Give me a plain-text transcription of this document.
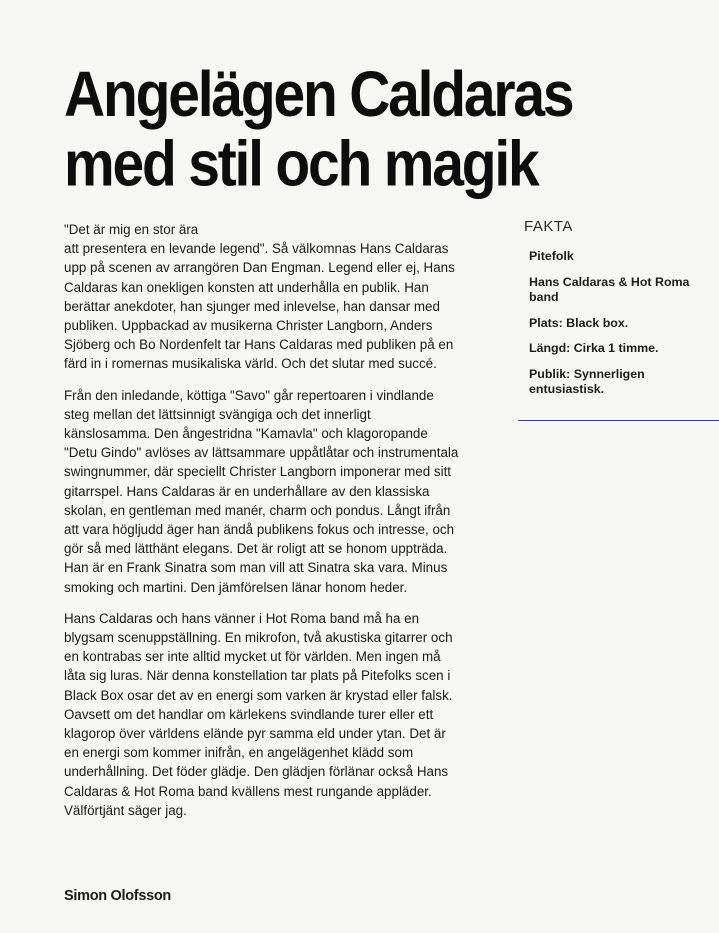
Angelägen Caldaras
med stil och magik

"Det är mig en stor ära
att presentera en levande legend". Så välkomnas Hans Caldaras
upp på scenen av arrangören Dan Engman. Legend eller ej, Hans
Caldaras kan onekligen konsten att underhålla en publik. Han
berättar anekdoter, han sjunger med inlevelse, han dansar med
publiken. Uppbackad av musikerna Christer Langborn, Anders
Sjöberg och Bo Nordenfelt tar Hans Caldaras med publiken på en
färd in i romernas musikaliska värld. Och det slutar med succé.

Från den inledande, köttiga "Savo" går repertoaren i vindlande
steg mellan det lättsinnigt svängiga och det innerligt
känslosamma. Den ångestridna "Kamavla" och klagoropande
"Detu Gindo" avlöses av lättsammare uppåtlåtar och instrumentala
swingnummer, där speciellt Christer Langborn imponerar med sitt
gitarrspel. Hans Caldaras är en underhållare av den klassiska
skolan, en gentleman med manér, charm och pondus. Långt ifrån
att vara högljudd äger han ändå publikens fokus och intresse, och
gör så med lätthänt elegans. Det är roligt att se honom uppträda.
Han är en Frank Sinatra som man vill att Sinatra ska vara. Minus
smoking och martini. Den jämförelsen länar honom heder.

Hans Caldaras och hans vänner i Hot Roma band må ha en
blygsam scenuppställning. En mikrofon, två akustiska gitarrer och
en kontrabas ser inte alltid mycket ut för världen. Men ingen må
låta sig luras. När denna konstellation tar plats på Pitefolks scen i
Black Box osar det av en energi som varken är krystad eller falsk.
Oavsett om det handlar om kärlekens svindlande turer eller ett
klagorop över världens elände pyr samma eld under ytan. Det är
en energi som kommer inifrån, en angelägenhet klädd som
underhållning. Det föder glädje. Den glädjen förlänar också Hans
Caldaras & Hot Roma band kvällens mest rungande appläder.
Välförtjänt säger jag.

Simon Olofsson
FAKTA
Pitefolk
Hans Caldaras & Hot Roma band
Plats: Black box.
Längd: Cirka 1 timme.
Publik: Synnerligen entusiastisk.
